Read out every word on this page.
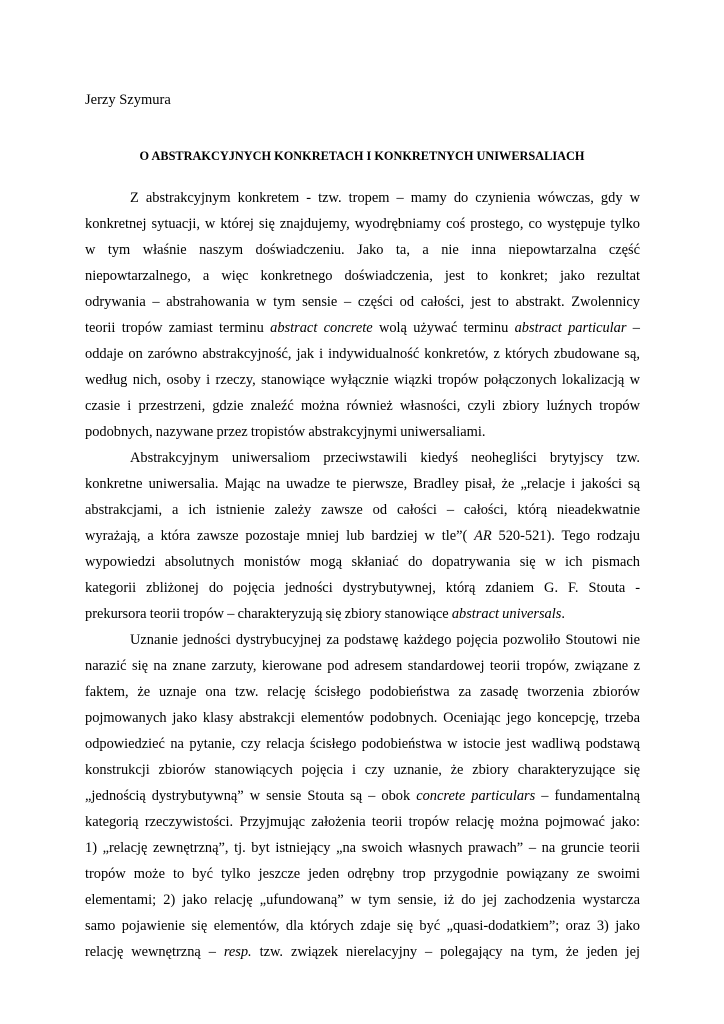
Jerzy Szymura
O ABSTRAKCYJNYCH KONKRETACH I KONKRETNYCH UNIWERSALIACH
Z abstrakcyjnym konkretem - tzw. tropem – mamy do czynienia wówczas, gdy w
konkretnej sytuacji, w której się znajdujemy, wyodrębniamy coś prostego, co występuje tylko
w tym właśnie naszym doświadczeniu. Jako ta, a nie inna niepowtarzalna część
niepowtarzalnego, a więc konkretnego doświadczenia, jest to konkret; jako rezultat
odrywania – abstrahowania w tym sensie – części od całości, jest to abstrakt. Zwolennicy
teorii tropów zamiast terminu abstract concrete wolą używać terminu abstract particular –
oddaje on zarówno abstrakcyjność, jak i indywidualność konkretów, z których zbudowane są,
według nich, osoby i rzeczy, stanowiące wyłącznie wiązki tropów połączonych lokalizacją w
czasie i przestrzeni, gdzie znaleźć można również własności, czyli zbiory luźnych tropów
podobnych, nazywane przez tropistów abstrakcyjnymi uniwersaliami.
Abstrakcyjnym uniwersaliom przeciwstawili kiedyś neohegliści brytyjscy tzw.
konkretne uniwersalia. Mając na uwadze te pierwsze, Bradley pisał, że „relacje i jakości są
abstrakcjami, a ich istnienie zależy zawsze od całości – całości, którą nieadekwatnie
wyrażają, a która zawsze pozostaje mniej lub bardziej w tle”( AR 520-521). Tego rodzaju
wypowiedzi absolutnych monistów mogą skłaniać do dopatrywania się w ich pismach
kategorii zbliżonej do pojęcia jedności dystrybutywnej, którą zdaniem G. F. Stouta -
prekursora teorii tropów – charakteryzują się zbiory stanowiące abstract universals.
Uznanie jedności dystrybucyjnej za podstawę każdego pojęcia pozwoliło Stoutowi nie
narazić się na znane zarzuty, kierowane pod adresem standardowej teorii tropów, związane z
faktem, że uznaje ona tzw. relację ścisłego podobieństwa za zasadę tworzenia zbiorów
pojmowanych jako klasy abstrakcji elementów podobnych. Oceniając jego koncepcję, trzeba
odpowiedzieć na pytanie, czy relacja ścisłego podobieństwa w istocie jest wadliwą podstawą
konstrukcji zbiorów stanowiących pojęcia i czy uznanie, że zbiory charakteryzujące się
„jednością dystrybutywną” w sensie Stouta są – obok concrete particulars – fundamentalną
kategorią rzeczywistości. Przyjmując założenia teorii tropów relację można pojmować jako:
1) „relację zewnętrzną”, tj. byt istniejący „na swoich własnych prawach” – na gruncie teorii
tropów może to być tylko jeszcze jeden odrębny trop przygodnie powiązany ze swoimi
elementami; 2) jako relację „ufundowaną” w tym sensie, iż do jej zachodzenia wystarcza
samo pojawienie się elementów, dla których zdaje się być „quasi-dodatkiem”; oraz 3) jako
relację wewnętrzną – resp. tzw. związek nierelacyjny – polegający na tym, że jeden jej
